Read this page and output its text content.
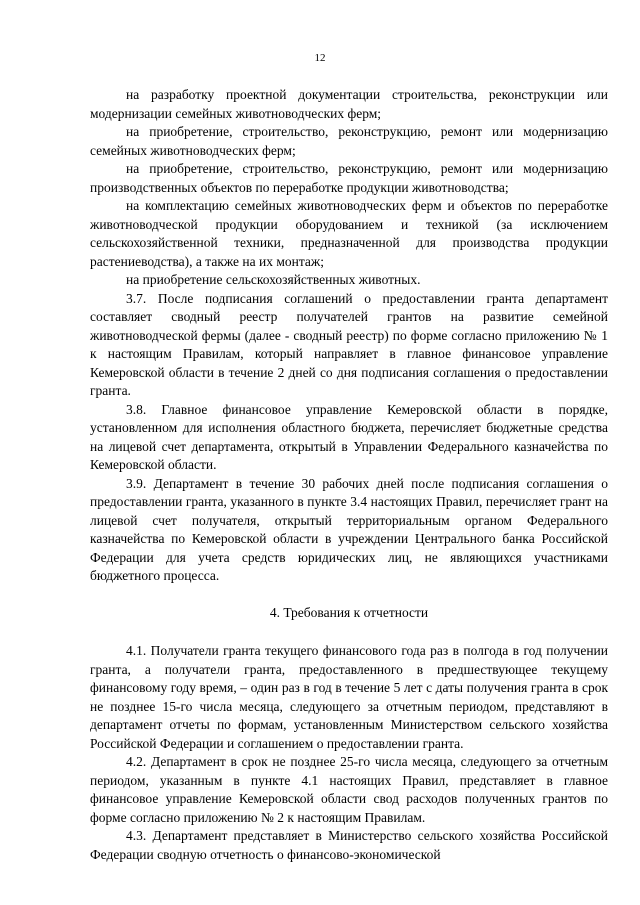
12

на разработку проектной документации строительства, реконструкции или модернизации семейных животноводческих ферм;

на приобретение, строительство, реконструкцию, ремонт или модернизацию семейных животноводческих ферм;

на приобретение, строительство, реконструкцию, ремонт или модернизацию производственных объектов по переработке продукции животноводства;

на комплектацию семейных животноводческих ферм и объектов по переработке животноводческой продукции оборудованием и техникой (за исключением сельскохозяйственной техники, предназначенной для производства продукции растениеводства), а также на их монтаж;

на приобретение сельскохозяйственных животных.

3.7. После подписания соглашений о предоставлении гранта департамент составляет сводный реестр получателей грантов на развитие семейной животноводческой фермы (далее - сводный реестр) по форме согласно приложению № 1 к настоящим Правилам, который направляет в главное финансовое управление Кемеровской области в течение 2 дней со дня подписания соглашения о предоставлении гранта.

3.8. Главное финансовое управление Кемеровской области в порядке, установленном для исполнения областного бюджета, перечисляет бюджетные средства на лицевой счет департамента, открытый в Управлении Федерального казначейства по Кемеровской области.

3.9. Департамент в течение 30 рабочих дней после подписания соглашения о предоставлении гранта, указанного в пункте 3.4 настоящих Правил, перечисляет грант на лицевой счет получателя, открытый территориальным органом Федерального казначейства по Кемеровской области в учреждении Центрального банка Российской Федерации для учета средств юридических лиц, не являющихся участниками бюджетного процесса.

4. Требования к отчетности

4.1. Получатели гранта текущего финансового года раз в полгода в год получении гранта, а получатели гранта, предоставленного в предшествующее текущему финансовому году время, – один раз в год в течение 5 лет с даты получения гранта в срок не позднее 15-го числа месяца, следующего за отчетным периодом, представляют в департамент отчеты по формам, установленным Министерством сельского хозяйства Российской Федерации и соглашением о предоставлении гранта.

4.2. Департамент в срок не позднее 25-го числа месяца, следующего за отчетным периодом, указанным в пункте 4.1 настоящих Правил, представляет в главное финансовое управление Кемеровской области свод расходов полученных грантов по форме согласно приложению № 2 к настоящим Правилам.

4.3. Департамент представляет в Министерство сельского хозяйства Российской Федерации сводную отчетность о финансово-экономической
